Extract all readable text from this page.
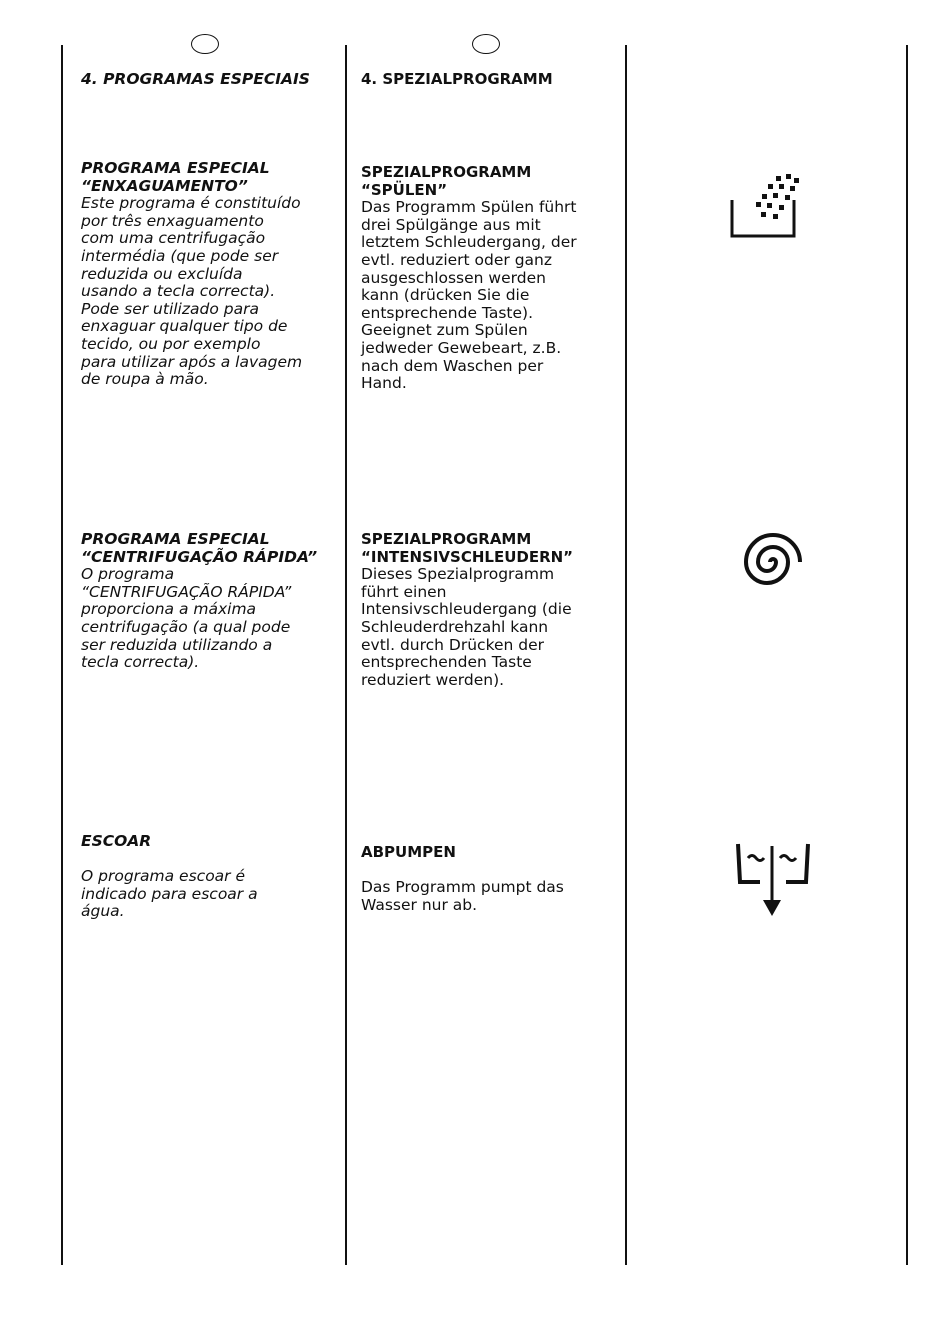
4. PROGRAMAS ESPECIAIS
PROGRAMA ESPECIAL
“ENXAGUAMENTO”
Este programa é constituído
por três enxaguamento
com uma centrifugação
intermédia (que pode ser
reduzida ou excluída
usando a tecla correcta).
Pode ser utilizado para
enxaguar qualquer tipo de
tecido, ou por exemplo
para utilizar após a lavagem
de roupa à mão.
PROGRAMA ESPECIAL
“CENTRIFUGAÇÃO RÁPIDA”
O programa
“CENTRIFUGAÇÃO RÁPIDA”
proporciona a máxima
centrifugação (a qual pode
ser reduzida utilizando a
tecla correcta).
ESCOAR
O programa escoar é
indicado para escoar a
água.
4. SPEZIALPROGRAMM
SPEZIALPROGRAMM
“SPÜLEN”
Das Programm Spülen führt
drei Spülgänge aus mit
letztem Schleudergang, der
evtl. reduziert oder ganz
ausgeschlossen werden
kann (drücken Sie die
entsprechende Taste).
Geeignet zum Spülen
jedweder Gewebeart, z.B.
nach dem Waschen per
Hand.
SPEZIALPROGRAMM
“INTENSIVSCHLEUDERN”
Dieses Spezialprogramm
führt einen
Intensivschleudergang (die
Schleuderdrehzahl kann
evtl. durch Drücken der
entsprechenden Taste
reduziert werden).
ABPUMPEN
Das Programm pumpt das
Wasser nur ab.
